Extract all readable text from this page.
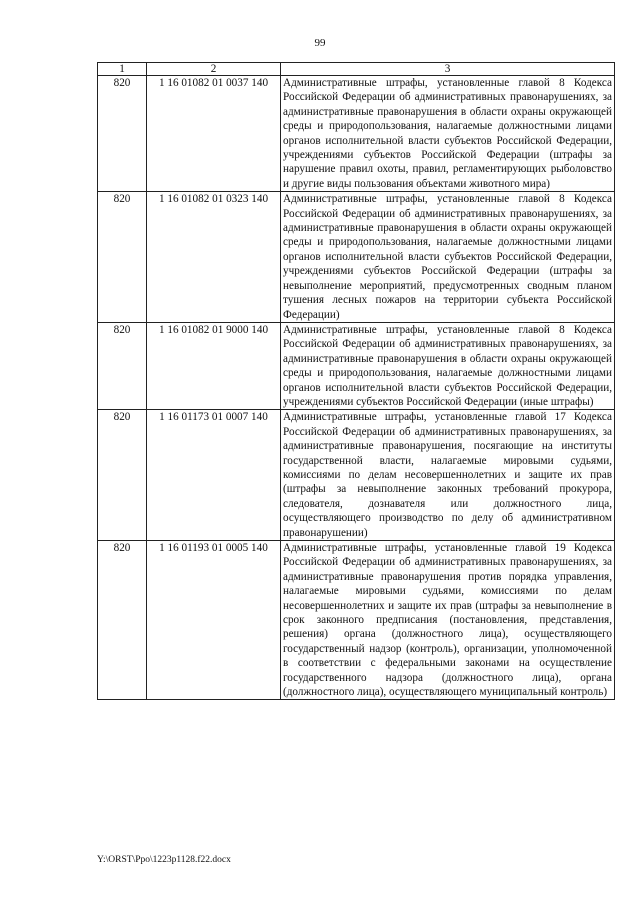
99
1	2	3
820	1 16 01082 01 0037 140	Административные штрафы, установленные главой 8 Кодекса Российской Федерации об административных правонарушениях, за административные правонарушения в области охраны окружающей среды и природопользования, налагаемые должностными лицами органов исполнительной власти субъектов Российской Федерации, учреждениями субъектов Российской Федерации (штрафы за нарушение правил охоты, правил, регламентирующих рыболовство и другие виды пользования объектами животного мира)
820	1 16 01082 01 0323 140	Административные штрафы, установленные главой 8 Кодекса Российской Федерации об административных правонарушениях, за административные правонарушения в области охраны окружающей среды и природопользования, налагаемые должностными лицами органов исполнительной власти субъектов Российской Федерации, учреждениями субъектов Российской Федерации (штрафы за невыполнение мероприятий, предусмотренных сводным планом тушения лесных пожаров на территории субъекта Российской Федерации)
820	1 16 01082 01 9000 140	Административные штрафы, установленные главой 8 Кодекса Российской Федерации об административных правонарушениях, за административные правонарушения в области охраны окружающей среды и природопользования, налагаемые должностными лицами органов исполнительной власти субъектов Российской Федерации, учреждениями субъектов Российской Федерации (иные штрафы)
820	1 16 01173 01 0007 140	Административные штрафы, установленные главой 17 Кодекса Российской Федерации об административных правонарушениях, за административные правонарушения, посягающие на институты государственной власти, налагаемые мировыми судьями, комиссиями по делам несовершеннолетних и защите их прав (штрафы за невыполнение законных требований прокурора, следователя, дознавателя или должностного лица, осуществляющего производство по делу об административном правонарушении)
820	1 16 01193 01 0005 140	Административные штрафы, установленные главой 19 Кодекса Российской Федерации об административных правонарушениях, за административные правонарушения против порядка управления, налагаемые мировыми судьями, комиссиями по делам несовершеннолетних и защите их прав (штрафы за невыполнение в срок законного предписания (постановления, представления, решения) органа (должностного лица), осуществляющего государственный надзор (контроль), организации, уполномоченной в соответствии с федеральными законами на осуществление государственного надзора (должностного лица), органа (должностного лица), осуществляющего муниципальный контроль)
Y:\ORST\Ppo\1223p1128.f22.docx
